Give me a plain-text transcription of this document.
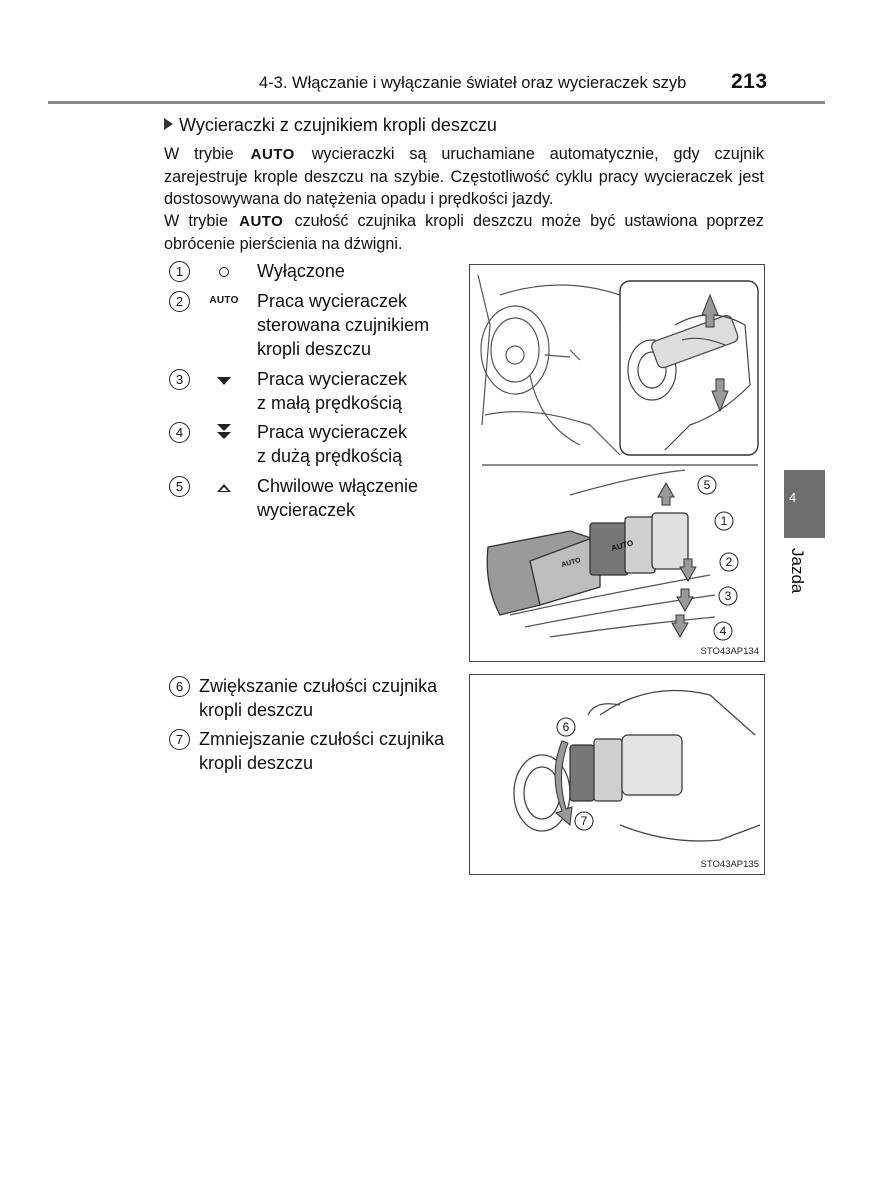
4-3. Włączanie i wyłączanie świateł oraz wycieraczek szyb 213
Wycieraczki z czujnikiem kropli deszczu
W trybie AUTO wycieraczki są uruchamiane automatycznie, gdy czujnik zarejestruje krople deszczu na szybie. Częstotliwość cyklu pracy wycieraczek jest dostosowywana do natężenia opadu i prędkości jazdy.
W trybie AUTO czułość czujnika kropli deszczu może być ustawiona poprzez obrócenie pierścienia na dźwigni.
1	Wyłączone
2	AUTO Praca wycieraczek
sterowana czujnikiem
kropli deszczu
3	Praca wycieraczek
z małą prędkością
4	Praca wycieraczek
z dużą prędkością
5	Chwilowe włączenie
wycieraczek
6 Zwiększanie czułości czujnika
kropli deszczu
7 Zmniejszanie czułości czujnika
kropli deszczu
AUTO
AUTO
5
1
2
3
4
STO43AP134
6
7
STO43AP135
4
Jazda
